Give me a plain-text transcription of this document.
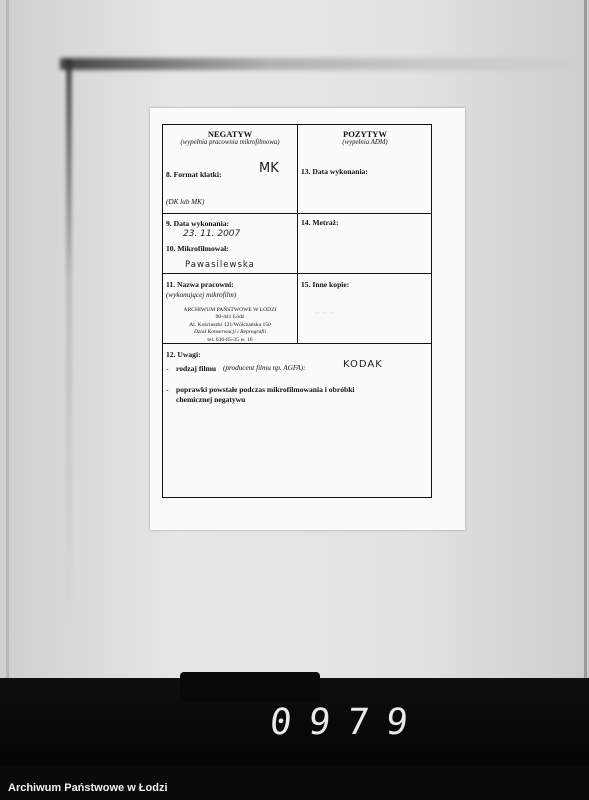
~ ~ ~
NEGATYW
(wypełnia pracownia mikrofilmowa)
POZYTYW
(wypełnia ADM)
8. Format klatki:	MK
(DK lub MK)
13. Data wykonania:
9. Data wykonania:
23. 11. 2007
10. Mikrofilmował:
Pawasilewska
14. Metraż:
11. Nazwa pracowni:
(wykonującej mikrofilm)
ARCHIWUM PAŃSTWOWE W ŁODZI
90-441 Łódź
Al. Kościuszki 121/Wólczańska 150
Dział Konserwacji i Reprografii
tel. 636-85-35 w. 16
15. Inne kopie:
12. Uwagi:
- rodzaj filmu (producent filmu np. AGFA):	KODAK
- poprawki powstałe podczas mikrofilmowania i obróbki
chemicznej negatywu
0979
Archiwum Państwowe w Łodzi
